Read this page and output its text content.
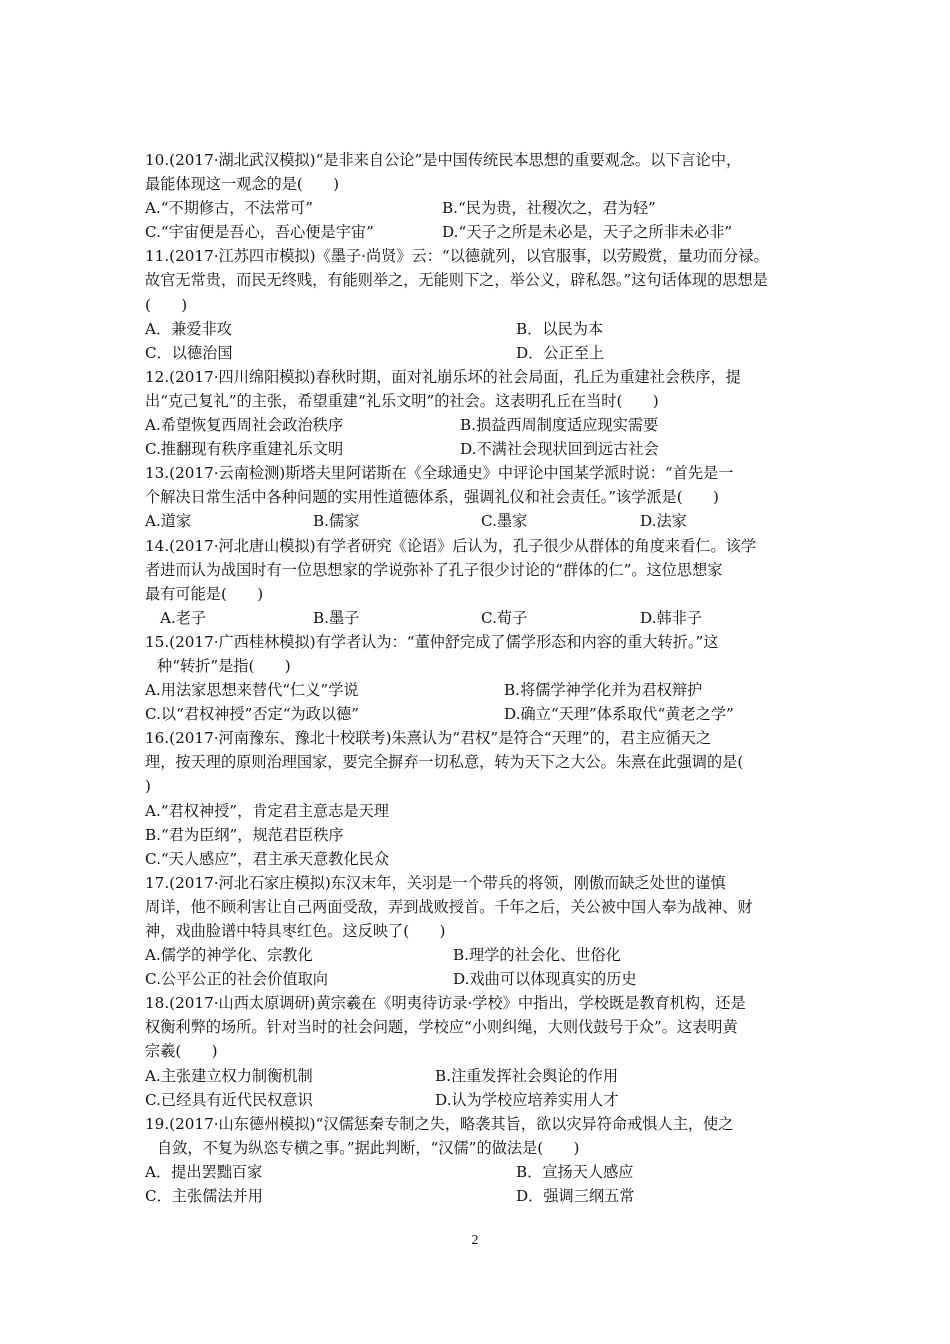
10.(2017·湖北武汉模拟)“是非来自公论”是中国传统民本思想的重要观念。以下言论中，
最能体现这一观念的是(　　)
A.“不期修古，不法常可”	B.“民为贵，社稷次之，君为轻”
C.“宇宙便是吾心，吾心便是宇宙”	D.“天子之所是未必是，天子之所非未必非”
11.(2017·江苏四市模拟)《墨子·尚贤》云：“以德就列，以官服事，以劳殿赏，量功而分禄。
故官无常贵，而民无终贱，有能则举之，无能则下之，举公义，辟私怨。”这句话体现的思想是
(　　)
A．兼爱非攻	B．以民为本
C．以德治国	D．公正至上
12.(2017·四川绵阳模拟)春秋时期，面对礼崩乐坏的社会局面，孔丘为重建社会秩序，提
出“克己复礼”的主张，希望重建“礼乐文明”的社会。这表明孔丘在当时(　　)
A.希望恢复西周社会政治秩序	B.损益西周制度适应现实需要
C.推翻现有秩序重建礼乐文明	D.不满社会现状回到远古社会
13.(2017·云南检测)斯塔夫里阿诺斯在《全球通史》中评论中国某学派时说：“首先是一
个解决日常生活中各种问题的实用性道德体系，强调礼仪和社会责任。”该学派是(　　)
A.道家	B.儒家	C.墨家	D.法家
14.(2017·河北唐山模拟)有学者研究《论语》后认为，孔子很少从群体的角度来看仁。该学
者进而认为战国时有一位思想家的学说弥补了孔子很少讨论的“群体的仁”。这位思想家
最有可能是(　　)
A.老子	B.墨子	C.荀子	D.韩非子
15.(2017·广西桂林模拟)有学者认为：“董仲舒完成了儒学形态和内容的重大转折。”这
种“转折”是指(　　)
A.用法家思想来替代“仁义”学说	B.将儒学神学化并为君权辩护
C.以“君权神授”否定“为政以德”	D.确立“天理”体系取代“黄老之学”
16.(2017·河南豫东、豫北十校联考)朱熹认为“君权”是符合“天理”的，君主应循天之
理，按天理的原则治理国家，要完全摒弃一切私意，转为天下之大公。朱熹在此强调的是(
)
A.“君权神授”，肯定君主意志是天理
B.“君为臣纲”，规范君臣秩序
C.“天人感应”，君主承天意教化民众
17.(2017·河北石家庄模拟)东汉末年，关羽是一个带兵的将领，刚傲而缺乏处世的谨慎
周详，他不顾利害让自己两面受敌，弄到战败授首。千年之后，关公被中国人奉为战神、财
神，戏曲脸谱中特具枣红色。这反映了(　　)
A.儒学的神学化、宗教化	B.理学的社会化、世俗化
C.公平公正的社会价值取向	D.戏曲可以体现真实的历史
18.(2017·山西太原调研)黄宗羲在《明夷待访录·学校》中指出，学校既是教育机构，还是
权衡利弊的场所。针对当时的社会问题，学校应“小则纠绳，大则伐鼓号于众”。这表明黄
宗羲(　　)
A.主张建立权力制衡机制	B.注重发挥社会舆论的作用
C.已经具有近代民权意识	D.认为学校应培养实用人才
19.(2017·山东德州模拟)“汉儒惩秦专制之失，略袭其旨，欲以灾异符命戒惧人主，使之
自敛，不复为纵恣专横之事。”据此判断，“汉儒”的做法是(　　)
A．提出罢黜百家	B．宣扬天人感应
C．主张儒法并用	D．强调三纲五常
2
